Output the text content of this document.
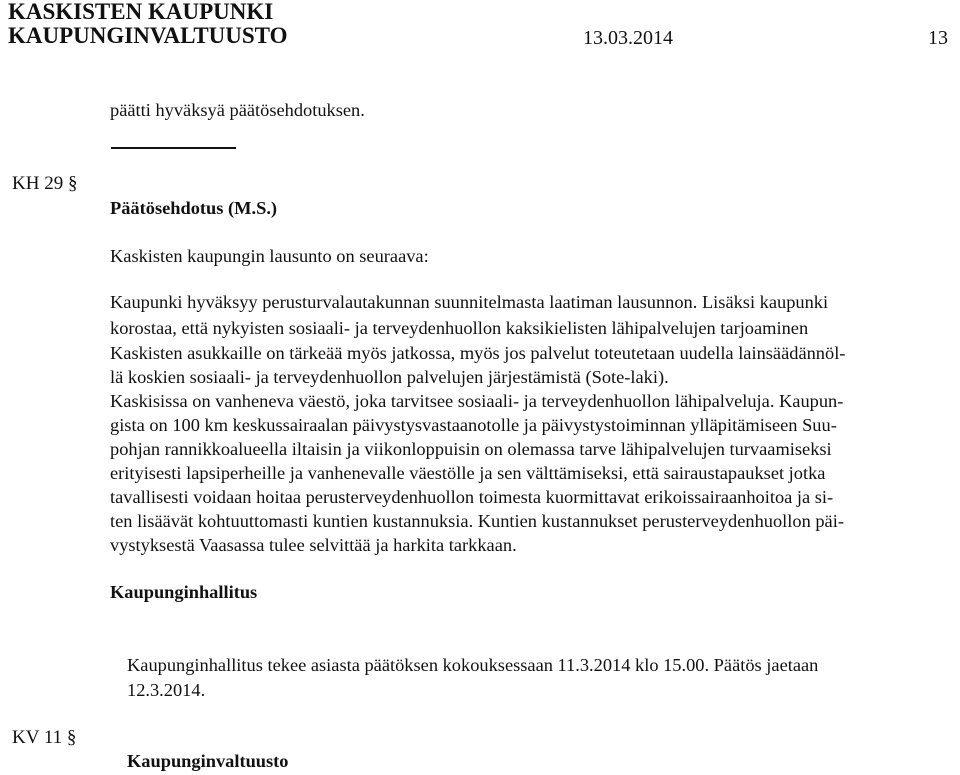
KASKISTEN KAUPUNKI
KAUPUNGINVALTUUSTO	13.03.2014	13
päätti hyväksyä päätösehdotuksen.
KH 29 §
Päätösehdotus (M.S.)
Kaskisten kaupungin lausunto on seuraava:
Kaupunki hyväksyy perusturvalautakunnan suunnitelmasta laatiman lausunnon. Lisäksi kaupunki
korostaa, että nykyisten sosiaali- ja terveydenhuollon kaksikielisten lähipalvelujen tarjoaminen
Kaskisten asukkaille on tärkeää myös jatkossa, myös jos palvelut toteutetaan uudella lainsäädännöl-
lä koskien sosiaali- ja terveydenhuollon palvelujen järjestämistä (Sote-laki).
Kaskisissa on vanheneva väestö, joka tarvitsee sosiaali- ja terveydenhuollon lähipalveluja. Kaupun-
gista on 100 km keskussairaalan päivystysvastaanotolle ja päivystystoiminnan ylläpitämiseen Suu-
pohjan rannikkoalueella iltaisin ja viikonloppuisin on olemassa tarve lähipalvelujen turvaamiseksi
erityisesti lapsiperheille ja vanhenevalle väestölle ja sen välttämiseksi, että sairaustapaukset jotka
tavallisesti voidaan hoitaa perusterveydenhuollon toimesta kuormittavat erikoissairaanhoitoa ja si-
ten lisäävät kohtuuttomasti kuntien kustannuksia. Kuntien kustannukset perusterveydenhuollon päi-
vystyksestä Vaasassa tulee selvittää ja harkita tarkkaan.
Kaupunginhallitus
Kaupunginhallitus tekee asiasta päätöksen kokouksessaan 11.3.2014 klo 15.00. Päätös jaetaan
12.3.2014.
KV 11 §
Kaupunginvaltuusto
